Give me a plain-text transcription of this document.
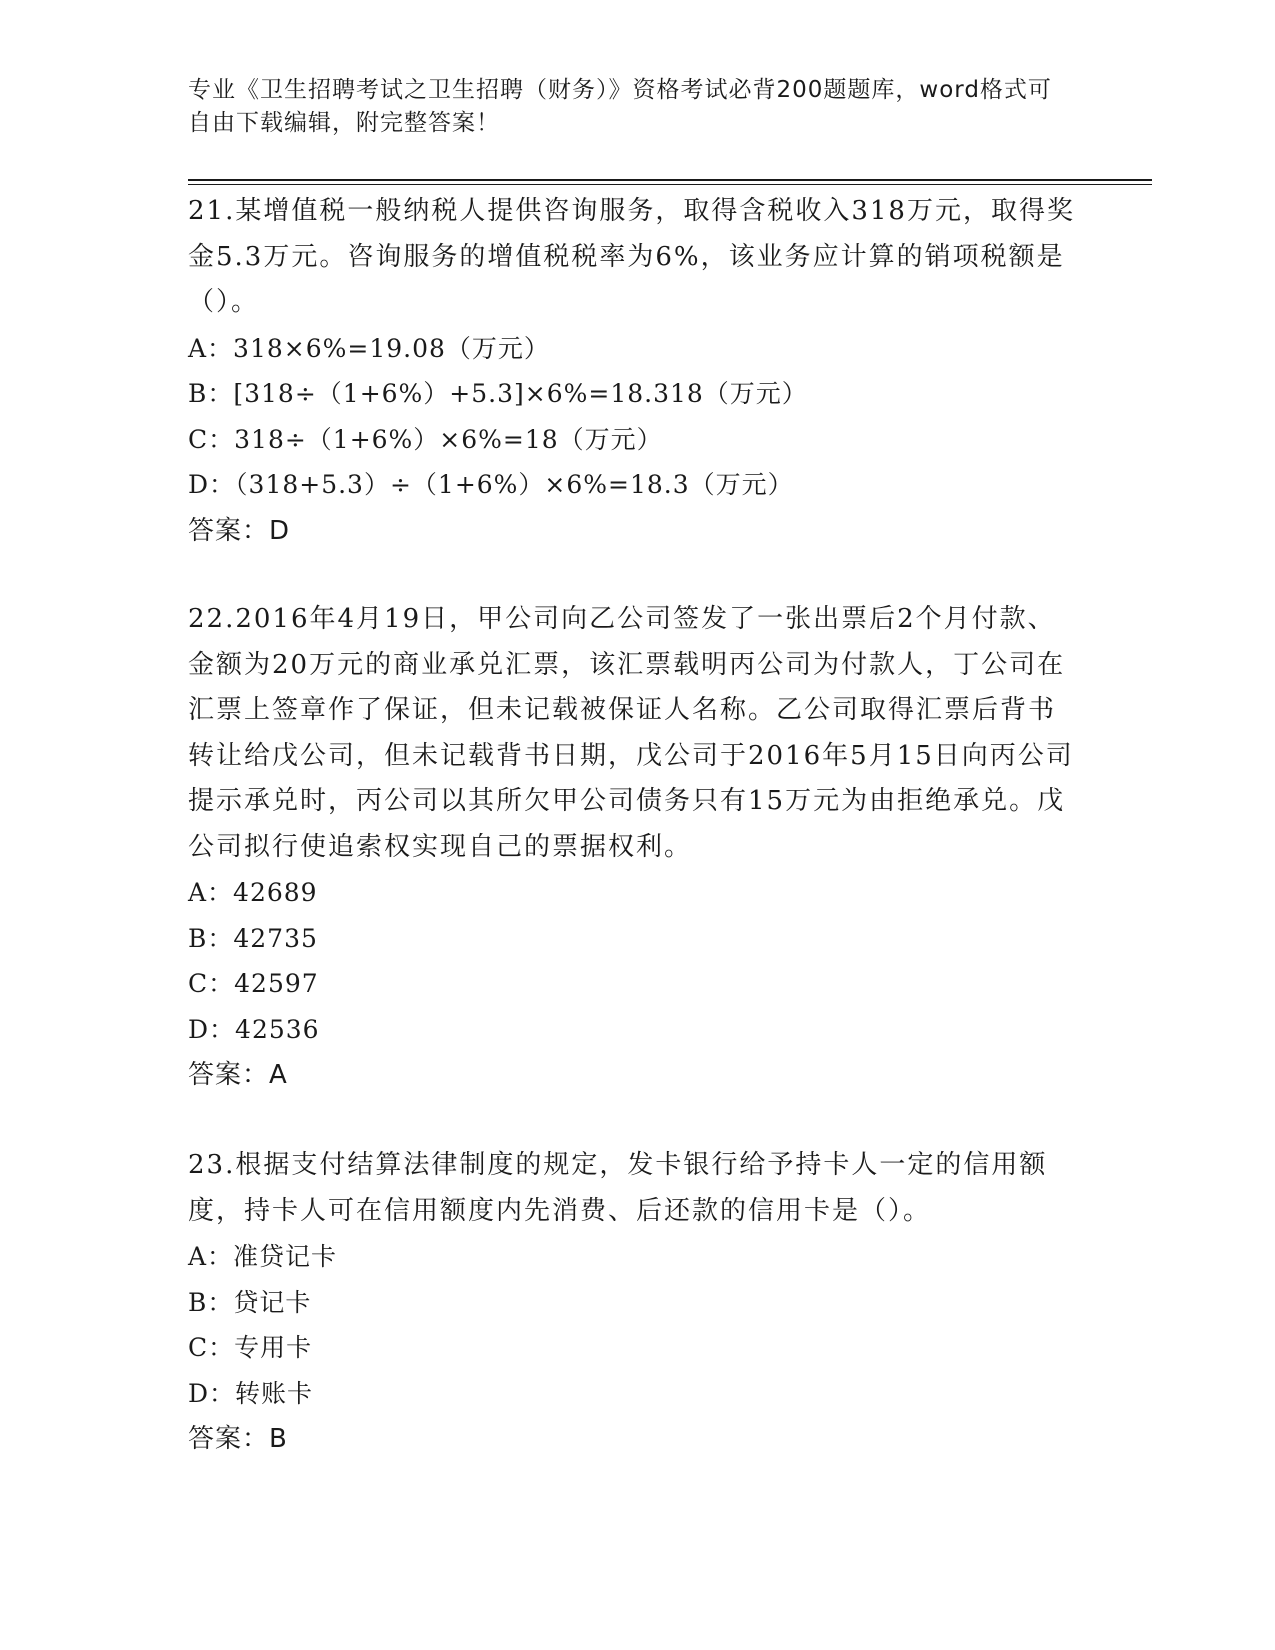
专业《卫生招聘考试之卫生招聘（财务）》资格考试必背200题题库，word格式可自由下载编辑，附完整答案！

21.某增值税一般纳税人提供咨询服务，取得含税收入318万元，取得奖金5.3万元。咨询服务的增值税税率为6%，该业务应计算的销项税额是（）。

A：318×6%=19.08（万元）

B：[318÷（1+6%）+5.3]×6%=18.318（万元）

C：318÷（1+6%）×6%=18（万元）

D：（318+5.3）÷（1+6%）×6%=18.3（万元）

答案：D

22.2016年4月19日，甲公司向乙公司签发了一张出票后2个月付款、金额为20万元的商业承兑汇票，该汇票载明丙公司为付款人，丁公司在汇票上签章作了保证，但未记载被保证人名称。乙公司取得汇票后背书转让给戊公司，但未记载背书日期，戊公司于2016年5月15日向丙公司提示承兑时，丙公司以其所欠甲公司债务只有15万元为由拒绝承兑。戊公司拟行使追索权实现自己的票据权利。

A：42689

B：42735

C：42597

D：42536

答案：A

23.根据支付结算法律制度的规定，发卡银行给予持卡人一定的信用额度，持卡人可在信用额度内先消费、后还款的信用卡是（）。

A：准贷记卡

B：贷记卡

C：专用卡

D：转账卡

答案：B
